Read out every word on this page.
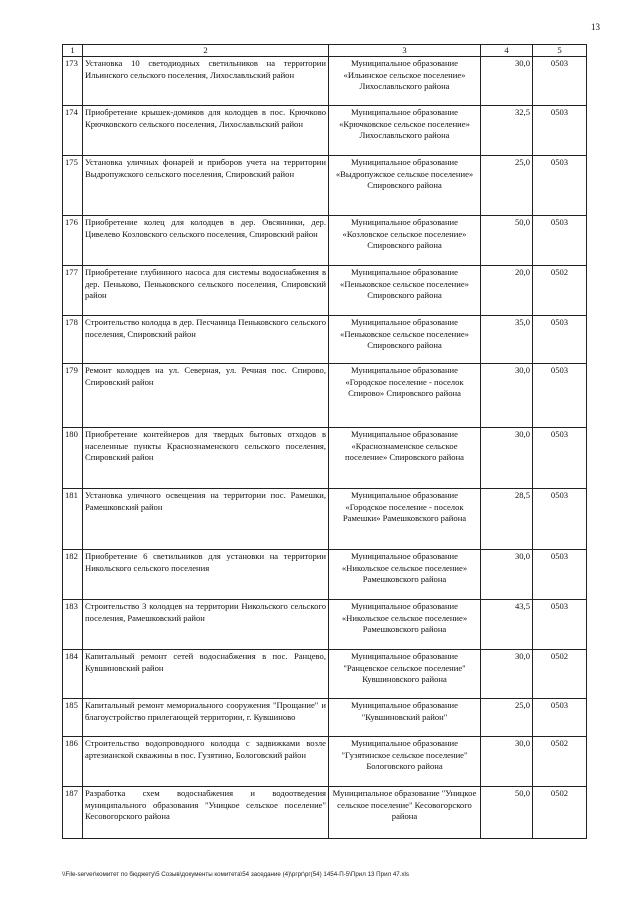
13
1	2	3	4	5
173	Установка 10 светодиодных светильников на территории Ильинского сельского поселения, Лихославльский район	Муниципальное образование «Ильинское сельское поселение» Лихославльского района	30,0	0503
174	Приобретение крышек-домиков для колодцев в пос. Крючково Крючковского сельского поселения, Лихославльский район	Муниципальное образование «Крючковское сельское поселение» Лихославльского района	32,5	0503
175	Установка уличных фонарей и приборов учета на территории Выдропужского сельского поселения, Спировский район	Муниципальное образование «Выдропужское сельское поселение» Спировского района	25,0	0503
176	Приобретение колец для колодцев в дер. Овсянники, дер. Цивелево Козловского сельского поселения, Спировский район	Муниципальное образование «Козловское сельское поселение» Спировского района	50,0	0503
177	Приобретение глубинного насоса для системы водоснабжения в дер. Пеньково, Пеньковского сельского поселения, Спировский район	Муниципальное образование «Пеньковское сельское поселение» Спировского района	20,0	0502
178	Строительство колодца в дер. Песчаница Пеньковского сельского поселения, Спировский район	Муниципальное образование «Пеньковское сельское поселение» Спировского района	35,0	0503
179	Ремонт колодцев на ул. Северная, ул. Речная пос. Спирово, Спировский район	Муниципальное образование «Городское поселение - поселок Спирово» Спировского района	30,0	0503
180	Приобретение контейнеров для твердых бытовых отходов в населенные пункты Краснознаменского сельского поселения, Спировский район	Муниципальное образование «Краснознаменское сельское поселение» Спировского района	30,0	0503
181	Установка уличного освещения на территории пос. Рамешки, Рамешковский район	Муниципальное образование «Городское поселение - поселок Рамешки» Рамешковского района	28,5	0503
182	Приобретение 6 светильников для установки на территории Никольского сельского поселения	Муниципальное образование «Никольское сельское поселение» Рамешковского района	30,0	0503
183	Строительство 3 колодцев на территории Никольского сельского поселения, Рамешковский район	Муниципальное образование «Никольское сельское поселение» Рамешковского района	43,5	0503
184	Капитальный ремонт сетей водоснабжения в пос. Ранцево, Кувшиновский район	Муниципальное образование "Ранцевское сельское поселение" Кувшиновского района	30,0	0502
185	Капитальный ремонт мемориального сооружения "Прощание" и благоустройство прилегающей территории, г. Кувшиново	Муниципальное образование "Кувшиновский район"	25,0	0503
186	Строительство водопроводного колодца с задвижками возле артезианской скважины в пос. Гузятино, Бологовский район	Муниципальное образование "Гузятинское сельское поселение" Бологовского района	30,0	0502
187	Разработка схем водоснабжения и водоотведения муниципального образования "Уницкое сельское поселение" Кесовогорского района	Муниципальное образование "Уницкое сельское поселение" Кесовогорского района	50,0	0502
\\File-server\комитет по бюджету\5 Созыв\документы комитета\54 заседание (4)\ргрг\рг(54) 1454-П-5\Прил 13 Прил 47.xls
